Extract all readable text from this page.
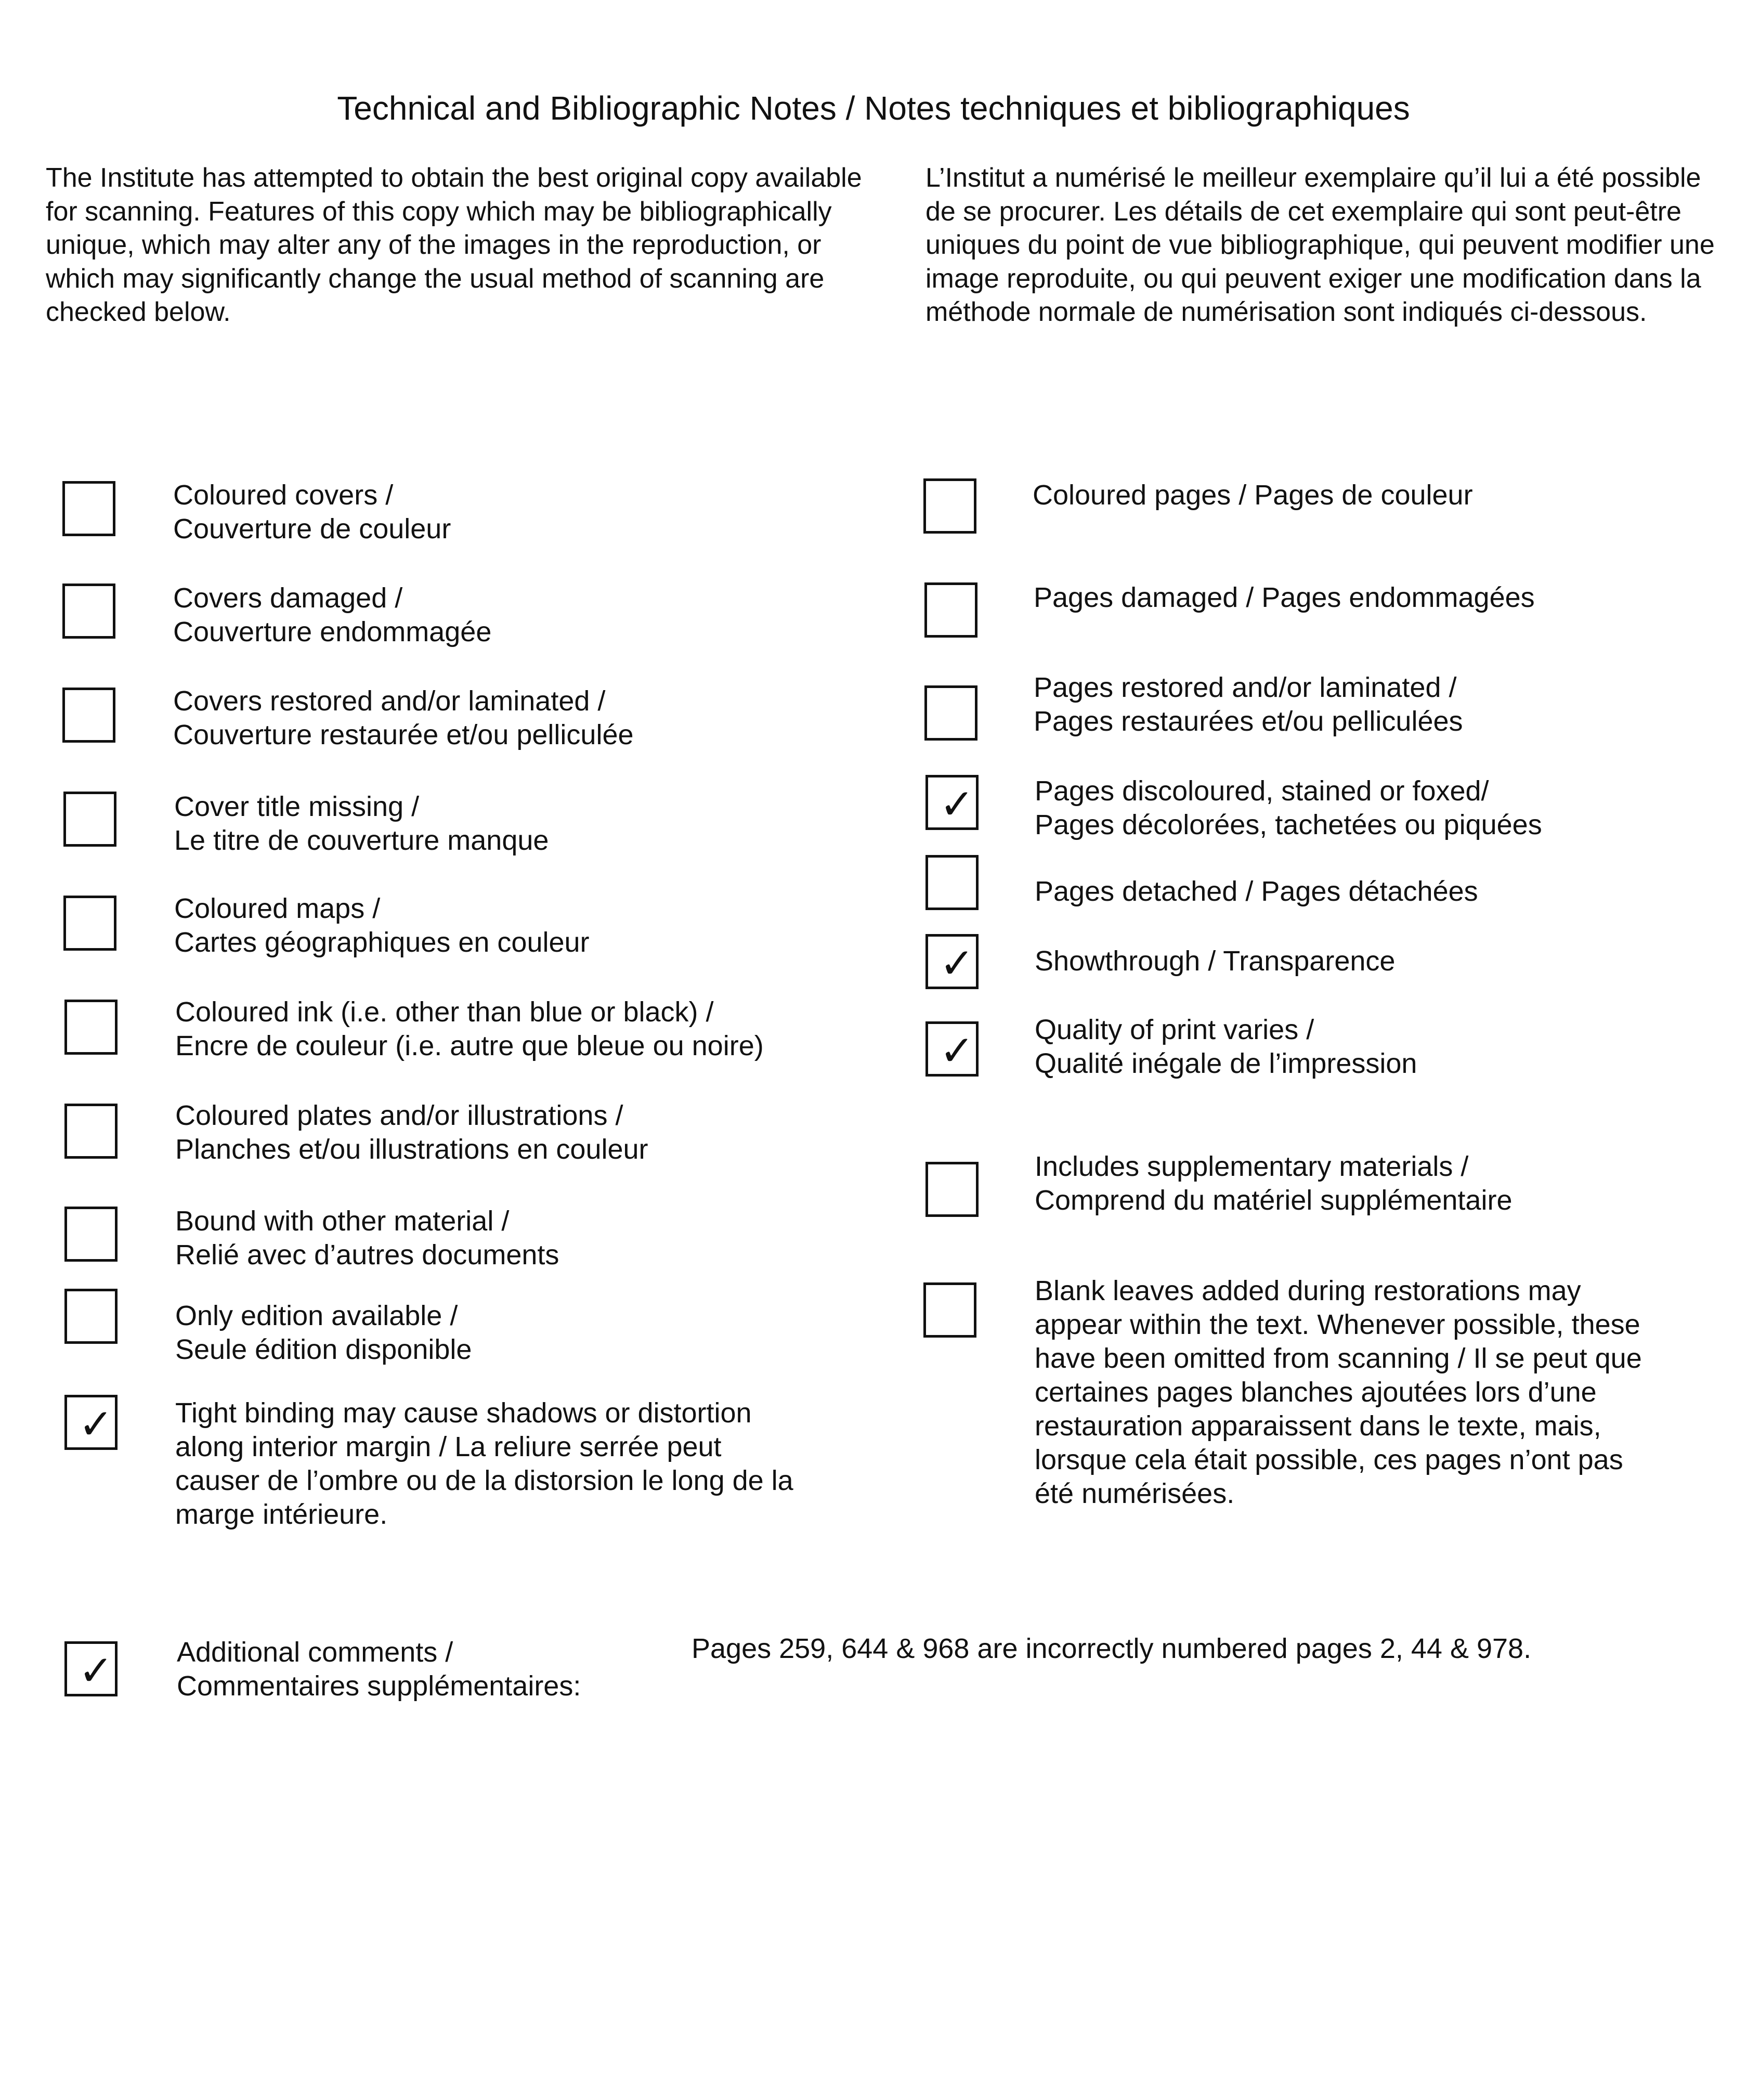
Technical and Bibliographic Notes / Notes techniques et bibliographiques

The Institute has attempted to obtain the best original copy available for scanning. Features of this copy which may be bibliographically unique, which may alter any of the images in the reproduction, or which may significantly change the usual method of scanning are checked below.

L’Institut a numérisé le meilleur exemplaire qu’il lui a été possible de se procurer. Les détails de cet exemplaire qui sont peut-être uniques du point de vue bibliographique, qui peuvent modifier une image reproduite, ou qui peuvent exiger une modification dans la méthode normale de numérisation sont indiqués ci-dessous.

Coloured covers /
Couverture de couleur
Covers damaged /
Couverture endommagée
Covers restored and/or laminated /
Couverture restaurée et/ou pelliculée
Cover title missing /
Le titre de couverture manque
Coloured maps /
Cartes géographiques en couleur
Coloured ink (i.e. other than blue or black) /
Encre de couleur (i.e. autre que bleue ou noire)
Coloured plates and/or illustrations /
Planches et/ou illustrations en couleur
Bound with other material /
Relié avec d’autres documents
Only edition available /
Seule édition disponible
✓ Tight binding may cause shadows or distortion
along interior margin / La reliure serrée peut
causer de l’ombre ou de la distorsion le long de la
marge intérieure.
Coloured pages / Pages de couleur
Pages damaged / Pages endommagées
Pages restored and/or laminated /
Pages restaurées et/ou pelliculées
✓ Pages discoloured, stained or foxed/
Pages décolorées, tachetées ou piquées
Pages detached / Pages détachées
✓ Showthrough / Transparence
✓ Quality of print varies /
Qualité inégale de l’impression
Includes supplementary materials /
Comprend du matériel supplémentaire
Blank leaves added during restorations may
appear within the text. Whenever possible, these
have been omitted from scanning / Il se peut que
certaines pages blanches ajoutées lors d’une
restauration apparaissent dans le texte, mais,
lorsque cela était possible, ces pages n’ont pas
été numérisées.
✓ Additional comments /
Commentaires supplémentaires:
Pages 259, 644 & 968 are incorrectly numbered pages 2, 44 & 978.
